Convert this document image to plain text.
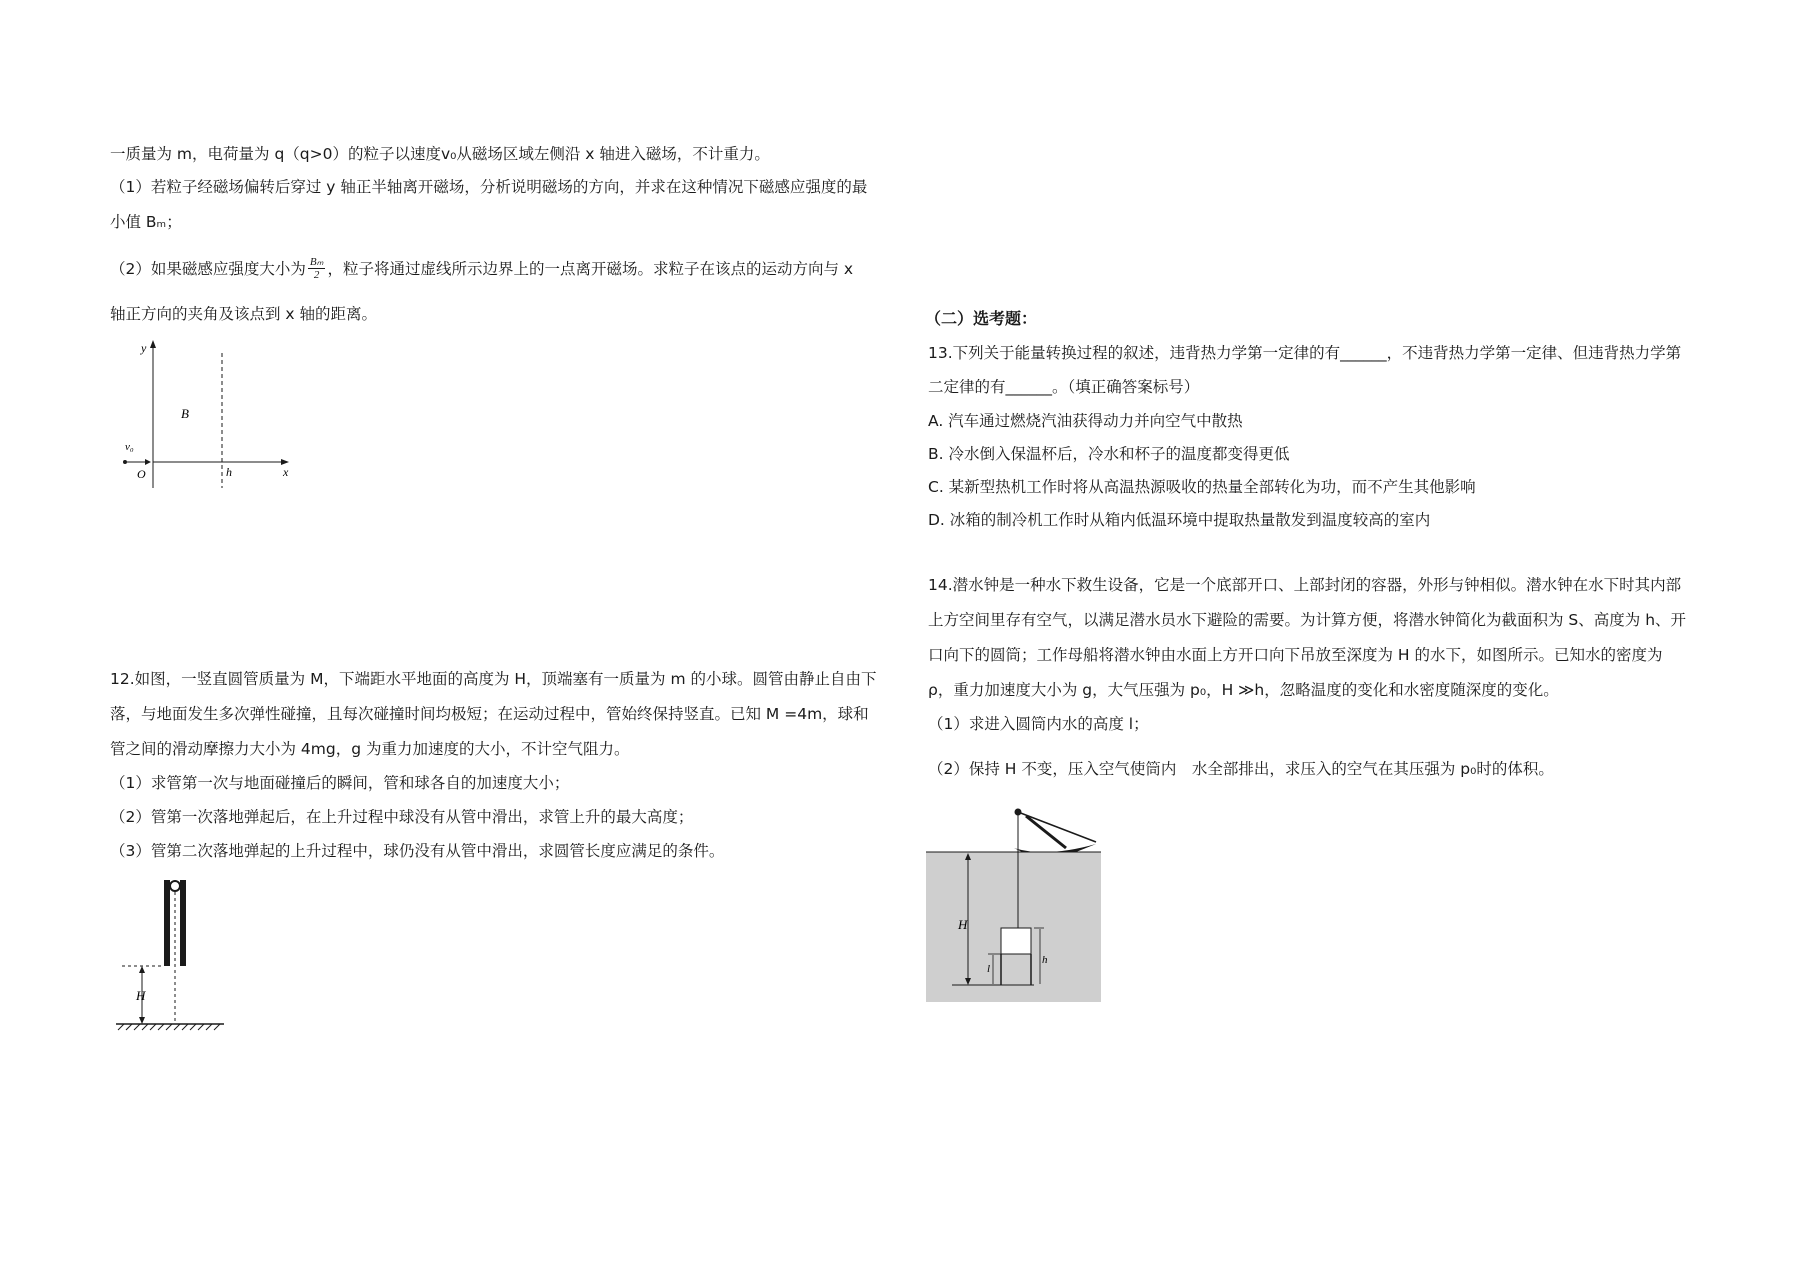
一质量为 m，电荷量为 q（q>0）的粒子以速度v₀从磁场区域左侧沿 x 轴进入磁场，不计重力。
（1）若粒子经磁场偏转后穿过 y 轴正半轴离开磁场，分析说明磁场的方向，并求在这种情况下磁感应强度的最
小值 Bₘ；
（2）如果磁感应强度大小为 $\frac{\text{Bₘ}}{2}$ ，粒子将通过虚线所示边界上的一点离开磁场。求粒子在该点的运动方向与 x
轴正方向的夹角及该点到 x 轴的距离。
y
B
v₀
O	h	x
12.如图，一竖直圆管质量为 M，下端距水平地面的高度为 H，顶端塞有一质量为 m 的小球。圆管由静止自由下
落，与地面发生多次弹性碰撞，且每次碰撞时间均极短；在运动过程中，管始终保持竖直。已知 M =4m，球和
管之间的滑动摩擦力大小为 4mg，g 为重力加速度的大小，不计空气阻力。
（1）求管第一次与地面碰撞后的瞬间，管和球各自的加速度大小；
（2）管第一次落地弹起后，在上升过程中球没有从管中滑出，求管上升的最大高度；
（3）管第二次落地弹起的上升过程中，球仍没有从管中滑出，求圆管长度应满足的条件。
H
（二）选考题：
13.下列关于能量转换过程的叙述，违背热力学第一定律的有______，不违背热力学第一定律、但违背热力学第
二定律的有______。（填正确答案标号）
A. 汽车通过燃烧汽油获得动力并向空气中散热
B. 冷水倒入保温杯后，冷水和杯子的温度都变得更低
C. 某新型热机工作时将从高温热源吸收的热量全部转化为功，而不产生其他影响
D. 冰箱的制冷机工作时从箱内低温环境中提取热量散发到温度较高的室内
14.潜水钟是一种水下救生设备，它是一个底部开口、上部封闭的容器，外形与钟相似。潜水钟在水下时其内部
上方空间里存有空气，以满足潜水员水下避险的需要。为计算方便，将潜水钟简化为截面积为 S、高度为 h、开
口向下的圆筒；工作母船将潜水钟由水面上方开口向下吊放至深度为 H 的水下，如图所示。已知水的密度为
ρ，重力加速度大小为 g，大气压强为 p₀，H ≫h，忽略温度的变化和水密度随深度的变化。
（1）求进入圆筒内水的高度 l；
（2）保持 H 不变，压入空气使筒内　水全部排出，求压入的空气在其压强为 p₀时的体积。
H
h
l
